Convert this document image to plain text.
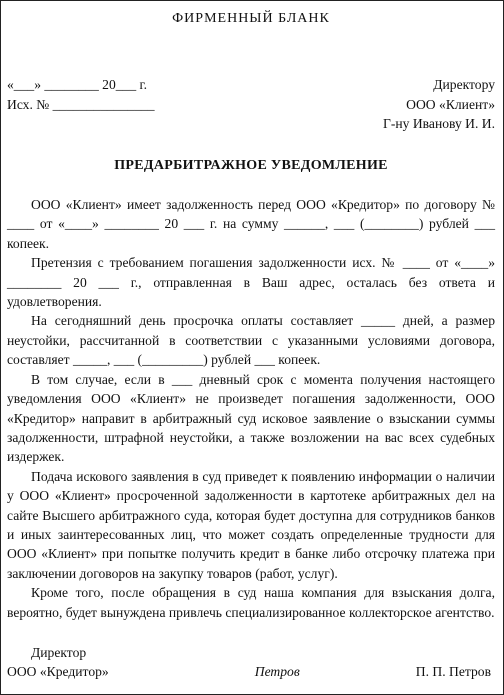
ФИРМЕННЫЙ БЛАНК
«___» ________ 20___ г.	Директору
Исх. № _______________	ООО «Клиент»
Г-ну Иванову И. И.
ПРЕДАРБИТРАЖНОЕ УВЕДОМЛЕНИЕ

ООО «Клиент» имеет задолженность перед ООО «Кредитор» по договору № ____ от «____» ________ 20 ___ г. на сумму ______, ___ (________) рублей ___ копеек.

Претензия с требованием погашения задолженности исх. № ____ от «____» ________ 20 ___ г., отправленная в Ваш адрес, осталась без ответа и удовлетворения.

На сегодняшний день просрочка оплаты составляет _____ дней, а размер неустойки, рассчитанной в соответствии с указанными условиями договора, составляет _____, ___ (_________) рублей ___ копеек.

В том случае, если в ___ дневный срок с момента получения настоящего уведомления ООО «Клиент» не произведет погашения задолженности, ООО «Кредитор» направит в арбитражный суд исковое заявление о взыскании суммы задолженности, штрафной неустойки, а также возложении на вас всех судебных издержек.

Подача искового заявления в суд приведет к появлению информации о наличии у ООО «Клиент» просроченной задолженности в картотеке арбитражных дел на сайте Высшего арбитражного суда, которая будет доступна для сотрудников банков и иных заинтересованных лиц, что может создать определенные трудности для ООО «Клиент» при попытке получить кредит в банке либо отсрочку платежа при заключении договоров на закупку товаров (работ, услуг).

Кроме того, после обращения в суд наша компания для взыскания долга, вероятно, будет вынуждена привлечь специализированное коллекторское агентство.

Директор
ООО «Кредитор»	Петров	П. П. Петров
